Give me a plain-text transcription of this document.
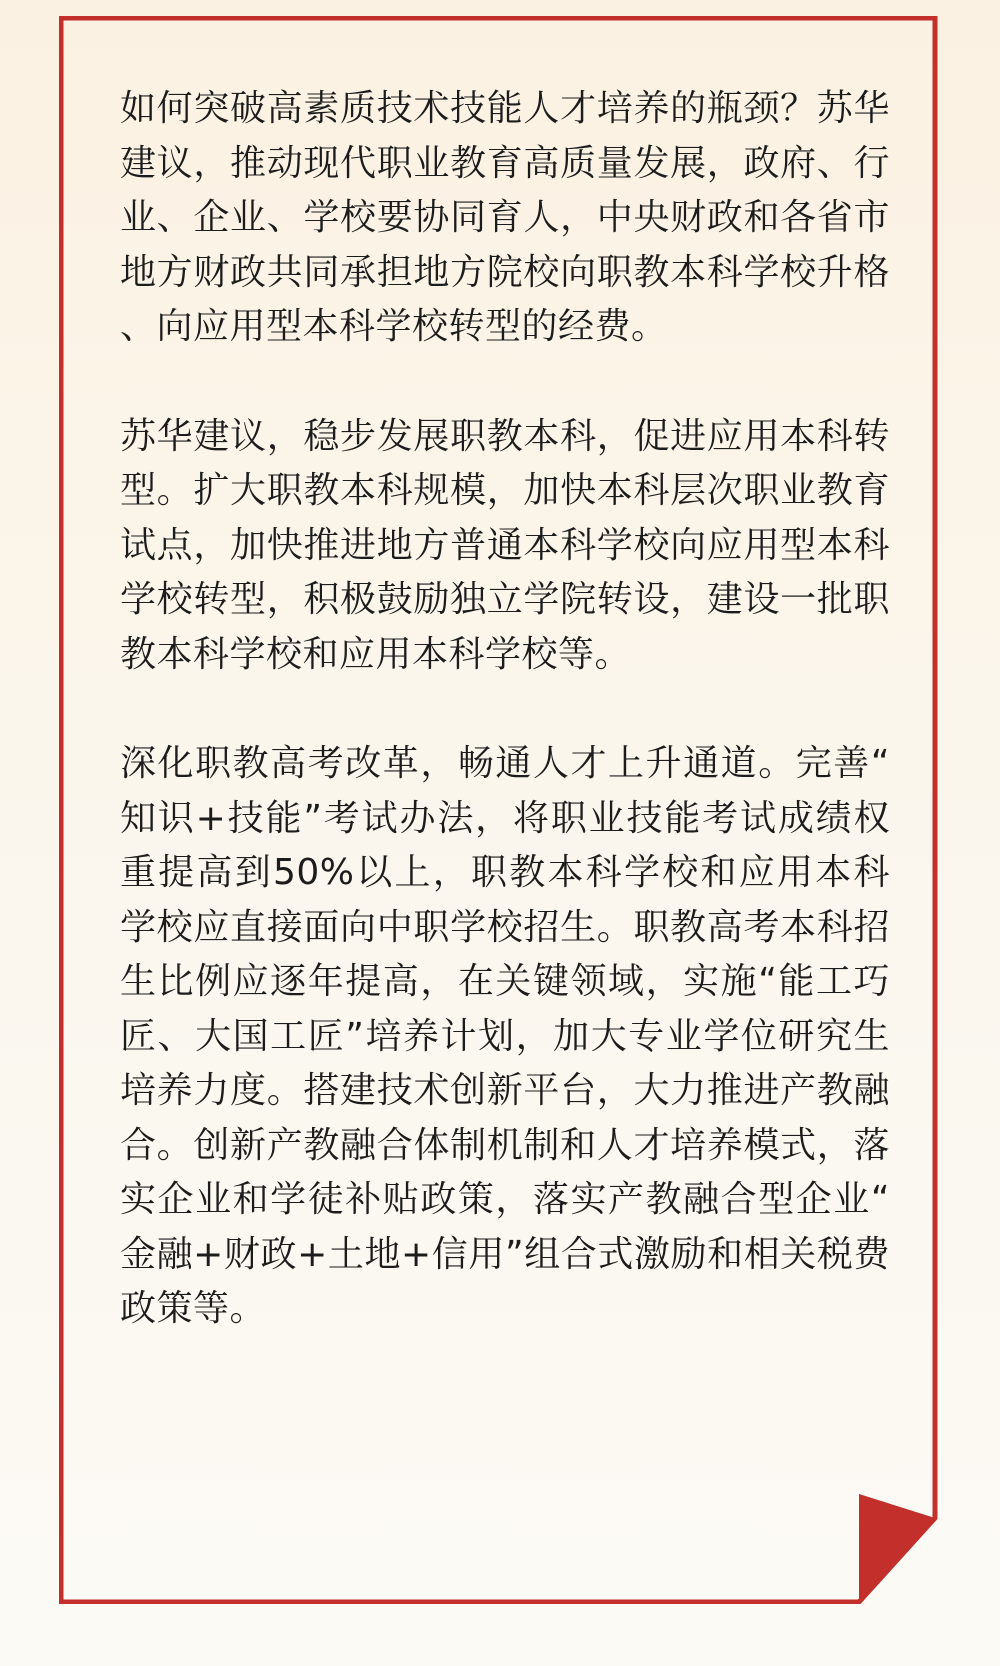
如何突破高素质技术技能人才培养的瓶颈？苏华建议，推动现代职业教育高质量发展，政府、行业、企业、学校要协同育人，中央财政和各省市地方财政共同承担地方院校向职教本科学校升格、向应用型本科学校转型的经费。

苏华建议，稳步发展职教本科，促进应用本科转型。扩大职教本科规模，加快本科层次职业教育试点，加快推进地方普通本科学校向应用型本科学校转型，积极鼓励独立学院转设，建设一批职教本科学校和应用本科学校等。

深化职教高考改革，畅通人才上升通道。完善“知识+技能”考试办法，将职业技能考试成绩权重提高到50%以上，职教本科学校和应用本科学校应直接面向中职学校招生。职教高考本科招生比例应逐年提高，在关键领域，实施“能工巧匠、大国工匠”培养计划，加大专业学位研究生培养力度。搭建技术创新平台，大力推进产教融合。创新产教融合体制机制和人才培养模式，落实企业和学徒补贴政策，落实产教融合型企业“金融+财政+土地+信用”组合式激励和相关税费政策等。
